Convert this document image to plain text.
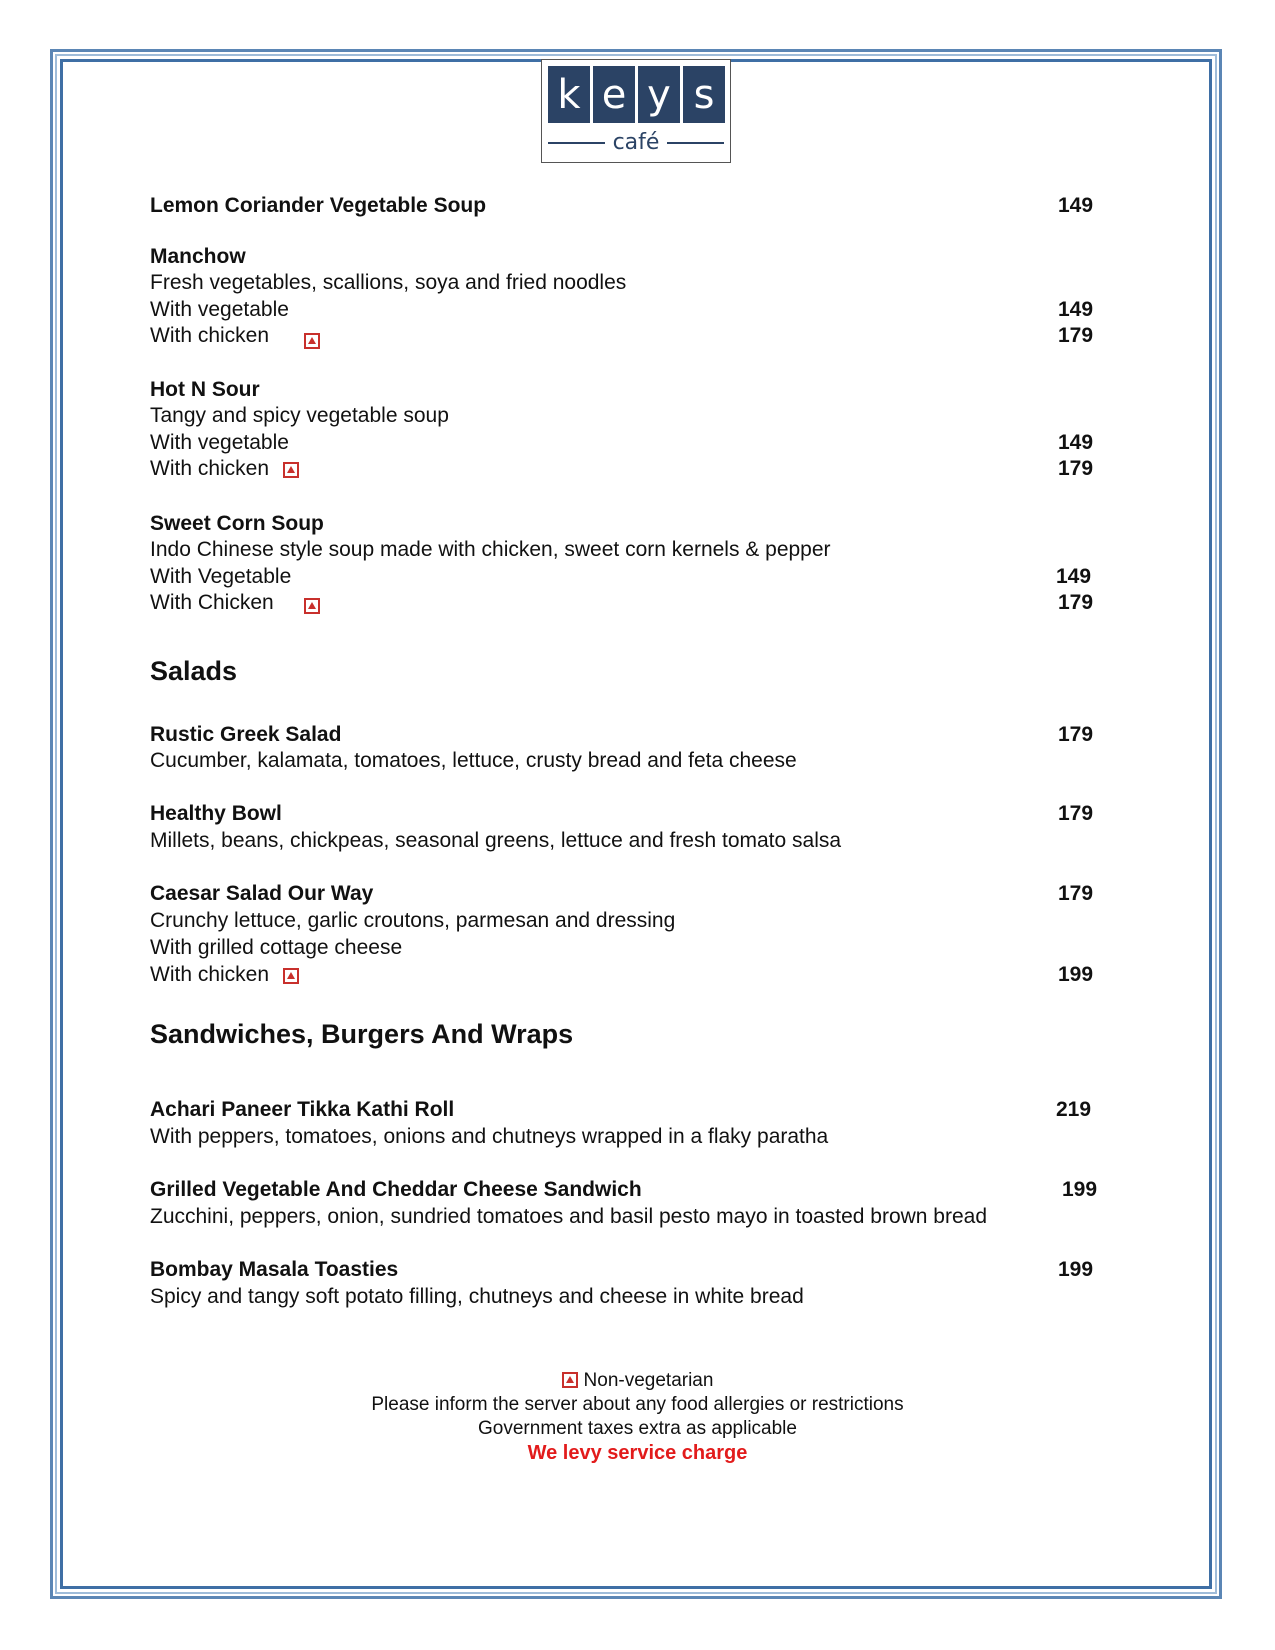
k e y s
café
Lemon Coriander Vegetable Soup	149
Manchow
Fresh vegetables, scallions, soya and fried noodles
With vegetable	149
With chicken	179
Hot N Sour
Tangy and spicy vegetable soup
With vegetable	149
With chicken	179
Sweet Corn Soup
Indo Chinese style soup made with chicken, sweet corn kernels & pepper
With Vegetable	149
With Chicken	179
Salads
Rustic Greek Salad	179
Cucumber, kalamata, tomatoes, lettuce, crusty bread and feta cheese
Healthy Bowl	179
Millets, beans, chickpeas, seasonal greens, lettuce and fresh tomato salsa
Caesar Salad Our Way	179
Crunchy lettuce, garlic croutons, parmesan and dressing
With grilled cottage cheese
With chicken	199
Sandwiches, Burgers And Wraps
Achari Paneer Tikka Kathi Roll	219
With peppers, tomatoes, onions and chutneys wrapped in a flaky paratha
Grilled Vegetable And Cheddar Cheese Sandwich	199
Zucchini, peppers, onion, sundried tomatoes and basil pesto mayo in toasted brown bread
Bombay Masala Toasties	199
Spicy and tangy soft potato filling, chutneys and cheese in white bread
Non-vegetarian
Please inform the server about any food allergies or restrictions
Government taxes extra as applicable
We levy service charge
